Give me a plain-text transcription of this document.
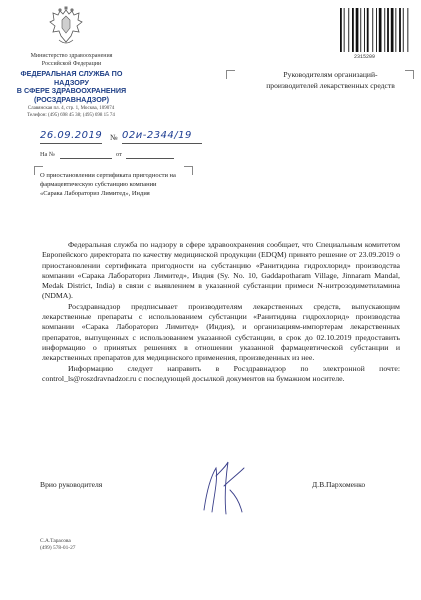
Министерство здравоохранения
Российской Федерации
ФЕДЕРАЛЬНАЯ СЛУЖБА ПО НАДЗОРУ
В СФЕРЕ ЗДРАВООХРАНЕНИЯ
(РОСЗДРАВНАДЗОР)
Славянская пл. 4, стр. 1, Москва, 109074
Телефон: (495) 698 45 38; (495) 698 15 74
2315209
Руководителям организаций-производителей лекарственных средств
26.09.2019 № 02и-2344/19
На №	от
О приостановлении сертификата пригодности на фармацевтическую субстанцию компании «Сарака Лабораториз Лимитед», Индия

Федеральная служба по надзору в сфере здравоохранения сообщает, что Специальным комитетом Европейского директората по качеству медицинской продукции (EDQM) принято решение от 23.09.2019 о приостановлении сертификата пригодности на субстанцию «Ранитидина гидрохлорид» производства компании «Сарака Лабораториз Лимитед», Индия (Sy. No. 10, Gaddapotharam Village, Jinnaram Mandal, Medak District, India) в связи с выявлением в указанной субстанции примеси N-нитрозодиметиламина (NDMA).

Росздравнадзор предписывает производителям лекарственных средств, выпускающим лекарственные препараты с использованием субстанции «Ранитидина гидрохлорид» производства компании «Сарака Лабораториз Лимитед» (Индия), и организациям-импортерам лекарственных препаратов, выпущенных с использованием указанной субстанции, в срок до 02.10.2019 предоставить информацию о принятых решениях в отношении указанной фармацевтической субстанции и лекарственных препаратов для медицинского применения, произведенных из нее.

Информацию следует направить в Росздравнадзор по электронной почте: control_ls@roszdravnadzor.ru с последующей досылкой документов на бумажном носителе.

Врио руководителя	Д.В.Пархоменко
С.А.Тарасова
(499) 578-01-27
